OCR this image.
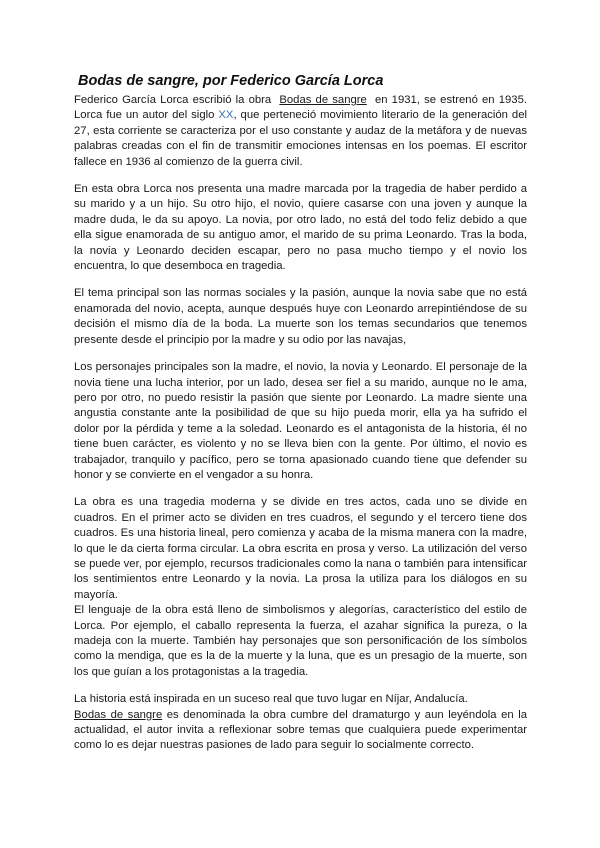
Bodas de sangre, por Federico García Lorca

Federico García Lorca escribió la obra Bodas de sangre en 1931, se estrenó en 1935. Lorca fue un autor del siglo XX, que perteneció movimiento literario de la generación del 27, esta corriente se caracteriza por el uso constante y audaz de la metáfora y de nuevas palabras creadas con el fin de transmitir emociones intensas en los poemas. El escritor fallece en 1936 al comienzo de la guerra civil.

En esta obra Lorca nos presenta una madre marcada por la tragedia de haber perdido a su marido y a un hijo. Su otro hijo, el novio, quiere casarse con una joven y aunque la madre duda, le da su apoyo. La novia, por otro lado, no está del todo feliz debido a que ella sigue enamorada de su antiguo amor, el marido de su prima Leonardo. Tras la boda, la novia y Leonardo deciden escapar, pero no pasa mucho tiempo y el novio los encuentra, lo que desemboca en tragedia.

El tema principal son las normas sociales y la pasión, aunque la novia sabe que no está enamorada del novio, acepta, aunque después huye con Leonardo arrepintiéndose de su decisión el mismo día de la boda. La muerte son los temas secundarios que tenemos presente desde el principio por la madre y su odio por las navajas,

Los personajes principales son la madre, el novio, la novia y Leonardo. El personaje de la novia tiene una lucha interior, por un lado, desea ser fiel a su marido, aunque no le ama, pero por otro, no puedo resistir la pasión que siente por Leonardo. La madre siente una angustia constante ante la posibilidad de que su hijo pueda morir, ella ya ha sufrido el dolor por la pérdida y teme a la soledad. Leonardo es el antagonista de la historia, él no tiene buen carácter, es violento y no se lleva bien con la gente. Por último, el novio es trabajador, tranquilo y pacífico, pero se torna apasionado cuando tiene que defender su honor y se convierte en el vengador a su honra.

La obra es una tragedia moderna y se divide en tres actos, cada uno se divide en cuadros. En el primer acto se dividen en tres cuadros, el segundo y el tercero tiene dos cuadros. Es una historia lineal, pero comienza y acaba de la misma manera con la madre, lo que le da cierta forma circular. La obra escrita en prosa y verso. La utilización del verso se puede ver, por ejemplo, recursos tradicionales como la nana o también para intensificar los sentimientos entre Leonardo y la novia. La prosa la utiliza para los diálogos en su mayoría.

El lenguaje de la obra está lleno de simbolismos y alegorías, característico del estilo de Lorca. Por ejemplo, el caballo representa la fuerza, el azahar significa la pureza, o la madeja con la muerte. También hay personajes que son personificación de los símbolos como la mendiga, que es la de la muerte y la luna, que es un presagio de la muerte, son los que guían a los protagonistas a la tragedia.

La historia está inspirada en un suceso real que tuvo lugar en Níjar, Andalucía.

Bodas de sangre es denominada la obra cumbre del dramaturgo y aun leyéndola en la actualidad, el autor invita a reflexionar sobre temas que cualquiera puede experimentar como lo es dejar nuestras pasiones de lado para seguir lo socialmente correcto.
